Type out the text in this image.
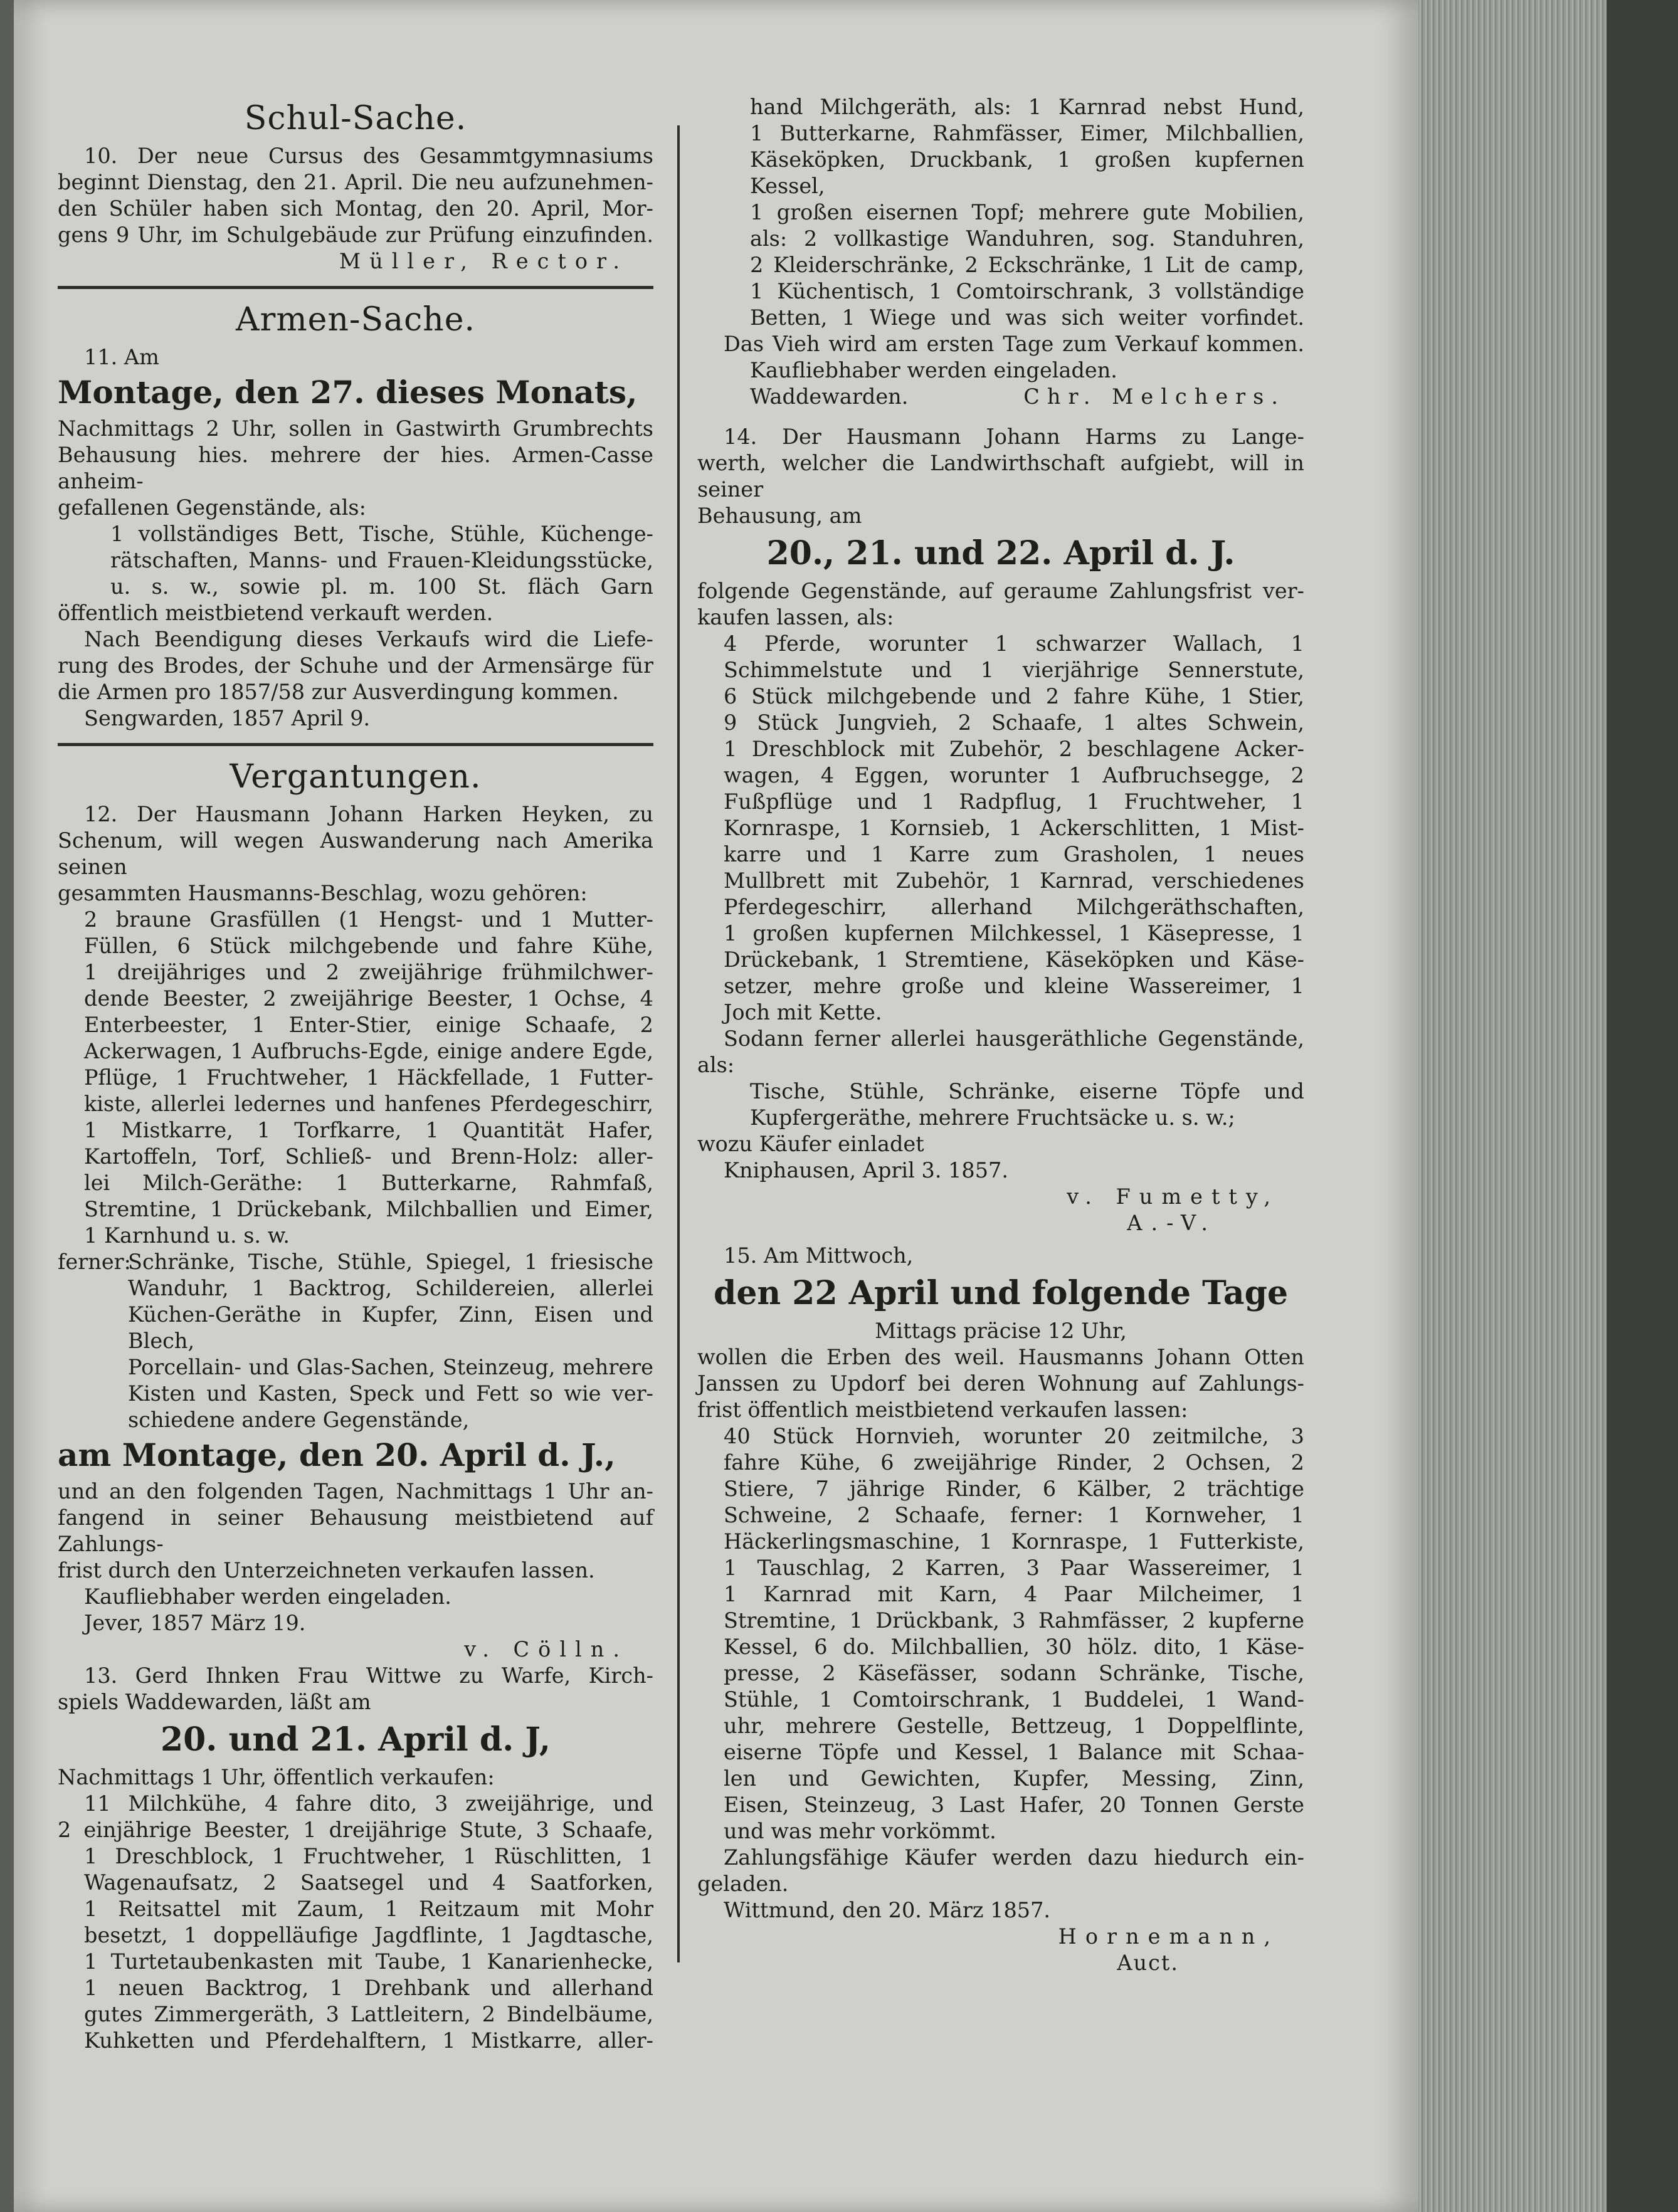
Schul-Sache.

10. Der neue Cursus des Gesammtgymnasiums

beginnt Dienstag, den 21. April. Die neu aufzunehmen-

den Schüler haben sich Montag, den 20. April, Mor-

gens 9 Uhr, im Schulgebäude zur Prüfung einzufinden.

Müller, Rector.

Armen-Sache.

11. Am

Montage, den 27. dieses Monats,

Nachmittags 2 Uhr, sollen in Gastwirth Grumbrechts

Behausung hies. mehrere der hies. Armen-Casse anheim-

gefallenen Gegenstände, als:

1 vollständiges Bett, Tische, Stühle, Küchenge-

rätschaften, Manns- und Frauen-Kleidungsstücke,

u. s. w., sowie pl. m. 100 St. fläch Garn

öffentlich meistbietend verkauft werden.

Nach Beendigung dieses Verkaufs wird die Liefe-

rung des Brodes, der Schuhe und der Armensärge für

die Armen pro 1857/58 zur Ausverdingung kommen.

Sengwarden, 1857 April 9.

Vergantungen.

12. Der Hausmann Johann Harken Heyken, zu

Schenum, will wegen Auswanderung nach Amerika seinen

gesammten Hausmanns-Beschlag, wozu gehören:

2 braune Grasfüllen (1 Hengst- und 1 Mutter-

Füllen, 6 Stück milchgebende und fahre Kühe,

1 dreijähriges und 2 zweijährige frühmilchwer-

dende Beester, 2 zweijährige Beester, 1 Ochse, 4

Enterbeester, 1 Enter-Stier, einige Schaafe, 2

Ackerwagen, 1 Aufbruchs-Egde, einige andere Egde,

Pflüge, 1 Fruchtweher, 1 Häckfellade, 1 Futter-

kiste, allerlei ledernes und hanfenes Pferdegeschirr,

1 Mistkarre, 1 Torfkarre, 1 Quantität Hafer,

Kartoffeln, Torf, Schließ- und Brenn-Holz: aller-

lei Milch-Geräthe: 1 Butterkarne, Rahmfaß,

Stremtine, 1 Drückebank, Milchballien und Eimer,

1 Karnhund u. s. w.

ferner:

Schränke, Tische, Stühle, Spiegel, 1 friesische

Wanduhr, 1 Backtrog, Schildereien, allerlei

Küchen-Geräthe in Kupfer, Zinn, Eisen und Blech,

Porcellain- und Glas-Sachen, Steinzeug, mehrere

Kisten und Kasten, Speck und Fett so wie ver-

schiedene andere Gegenstände,

am Montage, den 20. April d. J.,

und an den folgenden Tagen, Nachmittags 1 Uhr an-

fangend in seiner Behausung meistbietend auf Zahlungs-

frist durch den Unterzeichneten verkaufen lassen.

Kaufliebhaber werden eingeladen.

Jever, 1857 März 19.

v. Cölln.

13. Gerd Ihnken Frau Wittwe zu Warfe, Kirch-

spiels Waddewarden, läßt am

20. und 21. April d. J,

Nachmittags 1 Uhr, öffentlich verkaufen:

11 Milchkühe, 4 fahre dito, 3 zweijährige, und

2 einjährige Beester, 1 dreijährige Stute, 3 Schaafe,

1 Dreschblock, 1 Fruchtweher, 1 Rüschlitten, 1

Wagenaufsatz, 2 Saatsegel und 4 Saatforken,

1 Reitsattel mit Zaum, 1 Reitzaum mit Mohr

besetzt, 1 doppelläufige Jagdflinte, 1 Jagdtasche,

1 Turtetaubenkasten mit Taube, 1 Kanarienhecke,

1 neuen Backtrog, 1 Drehbank und allerhand

gutes Zimmergeräth, 3 Lattleitern, 2 Bindelbäume,

Kuhketten und Pferdehalftern, 1 Mistkarre, aller-

hand Milchgeräth, als: 1 Karnrad nebst Hund,

1 Butterkarne, Rahmfässer, Eimer, Milchballien,

Käseköpken, Druckbank, 1 großen kupfernen Kessel,

1 großen eisernen Topf; mehrere gute Mobilien,

als: 2 vollkastige Wanduhren, sog. Standuhren,

2 Kleiderschränke, 2 Eckschränke, 1 Lit de camp,

1 Küchentisch, 1 Comtoirschrank, 3 vollständige

Betten, 1 Wiege und was sich weiter vorfindet.

Das Vieh wird am ersten Tage zum Verkauf kommen.

Kaufliebhaber werden eingeladen.

Waddewarden.	Chr. Melchers.

14. Der Hausmann Johann Harms zu Lange-

werth, welcher die Landwirthschaft aufgiebt, will in seiner

Behausung, am

20., 21. und 22. April d. J.

folgende Gegenstände, auf geraume Zahlungsfrist ver-

kaufen lassen, als:

4 Pferde, worunter 1 schwarzer Wallach, 1

Schimmelstute und 1 vierjährige Sennerstute,

6 Stück milchgebende und 2 fahre Kühe, 1 Stier,

9 Stück Jungvieh, 2 Schaafe, 1 altes Schwein,

1 Dreschblock mit Zubehör, 2 beschlagene Acker-

wagen, 4 Eggen, worunter 1 Aufbruchsegge, 2

Fußpflüge und 1 Radpflug, 1 Fruchtweher, 1

Kornraspe, 1 Kornsieb, 1 Ackerschlitten, 1 Mist-

karre und 1 Karre zum Grasholen, 1 neues

Mullbrett mit Zubehör, 1 Karnrad, verschiedenes

Pferdegeschirr, allerhand Milchgeräthschaften,

1 großen kupfernen Milchkessel, 1 Käsepresse, 1

Drückebank, 1 Stremtiene, Käseköpken und Käse-

setzer, mehre große und kleine Wassereimer, 1

Joch mit Kette.

Sodann ferner allerlei hausgeräthliche Gegenstände,

als:

Tische, Stühle, Schränke, eiserne Töpfe und

Kupfergeräthe, mehrere Fruchtsäcke u. s. w.;

wozu Käufer einladet

Kniphausen, April 3. 1857.

v. Fumetty,

A.-V.

15. Am Mittwoch,

den 22 April und folgende Tage

Mittags präcise 12 Uhr,

wollen die Erben des weil. Hausmanns Johann Otten

Janssen zu Updorf bei deren Wohnung auf Zahlungs-

frist öffentlich meistbietend verkaufen lassen:

40 Stück Hornvieh, worunter 20 zeitmilche, 3

fahre Kühe, 6 zweijährige Rinder, 2 Ochsen, 2

Stiere, 7 jährige Rinder, 6 Kälber, 2 trächtige

Schweine, 2 Schaafe, ferner: 1 Kornweher, 1

Häckerlingsmaschine, 1 Kornraspe, 1 Futterkiste,

1 Tauschlag, 2 Karren, 3 Paar Wassereimer, 1

1 Karnrad mit Karn, 4 Paar Milcheimer, 1

Stremtine, 1 Drückbank, 3 Rahmfässer, 2 kupferne

Kessel, 6 do. Milchballien, 30 hölz. dito, 1 Käse-

presse, 2 Käsefässer, sodann Schränke, Tische,

Stühle, 1 Comtoirschrank, 1 Buddelei, 1 Wand-

uhr, mehrere Gestelle, Bettzeug, 1 Doppelflinte,

eiserne Töpfe und Kessel, 1 Balance mit Schaa-

len und Gewichten, Kupfer, Messing, Zinn,

Eisen, Steinzeug, 3 Last Hafer, 20 Tonnen Gerste

und was mehr vorkömmt.

Zahlungsfähige Käufer werden dazu hiedurch ein-

geladen.

Wittmund, den 20. März 1857.

Hornemann,

Auct.
